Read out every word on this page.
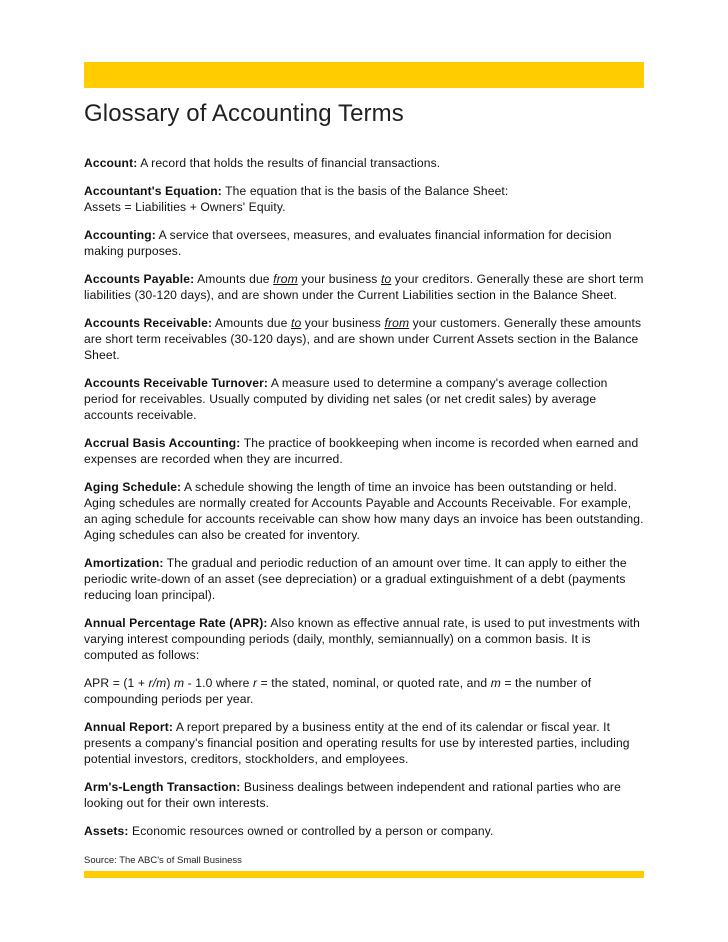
Glossary of Accounting Terms

Account: A record that holds the results of financial transactions.

Accountant's Equation: The equation that is the basis of the Balance Sheet:
Assets = Liabilities + Owners' Equity.

Accounting: A service that oversees, measures, and evaluates financial information for decision making purposes.

Accounts Payable: Amounts due from your business to your creditors. Generally these are short term liabilities (30-120 days), and are shown under the Current Liabilities section in the Balance Sheet.

Accounts Receivable: Amounts due to your business from your customers. Generally these amounts are short term receivables (30-120 days), and are shown under Current Assets section in the Balance Sheet.

Accounts Receivable Turnover: A measure used to determine a company's average collection period for receivables. Usually computed by dividing net sales (or net credit sales) by average accounts receivable.

Accrual Basis Accounting: The practice of bookkeeping when income is recorded when earned and expenses are recorded when they are incurred.

Aging Schedule: A schedule showing the length of time an invoice has been outstanding or held. Aging schedules are normally created for Accounts Payable and Accounts Receivable. For example, an aging schedule for accounts receivable can show how many days an invoice has been outstanding. Aging schedules can also be created for inventory.

Amortization: The gradual and periodic reduction of an amount over time. It can apply to either the periodic write-down of an asset (see depreciation) or a gradual extinguishment of a debt (payments reducing loan principal).

Annual Percentage Rate (APR): Also known as effective annual rate, is used to put investments with varying interest compounding periods (daily, monthly, semiannually) on a common basis. It is computed as follows:

APR = (1 + r/m) m - 1.0 where r = the stated, nominal, or quoted rate, and m = the number of compounding periods per year.

Annual Report: A report prepared by a business entity at the end of its calendar or fiscal year. It presents a company's financial position and operating results for use by interested parties, including potential investors, creditors, stockholders, and employees.

Arm's-Length Transaction: Business dealings between independent and rational parties who are looking out for their own interests.

Assets: Economic resources owned or controlled by a person or company.

Source: The ABC's of Small Business
